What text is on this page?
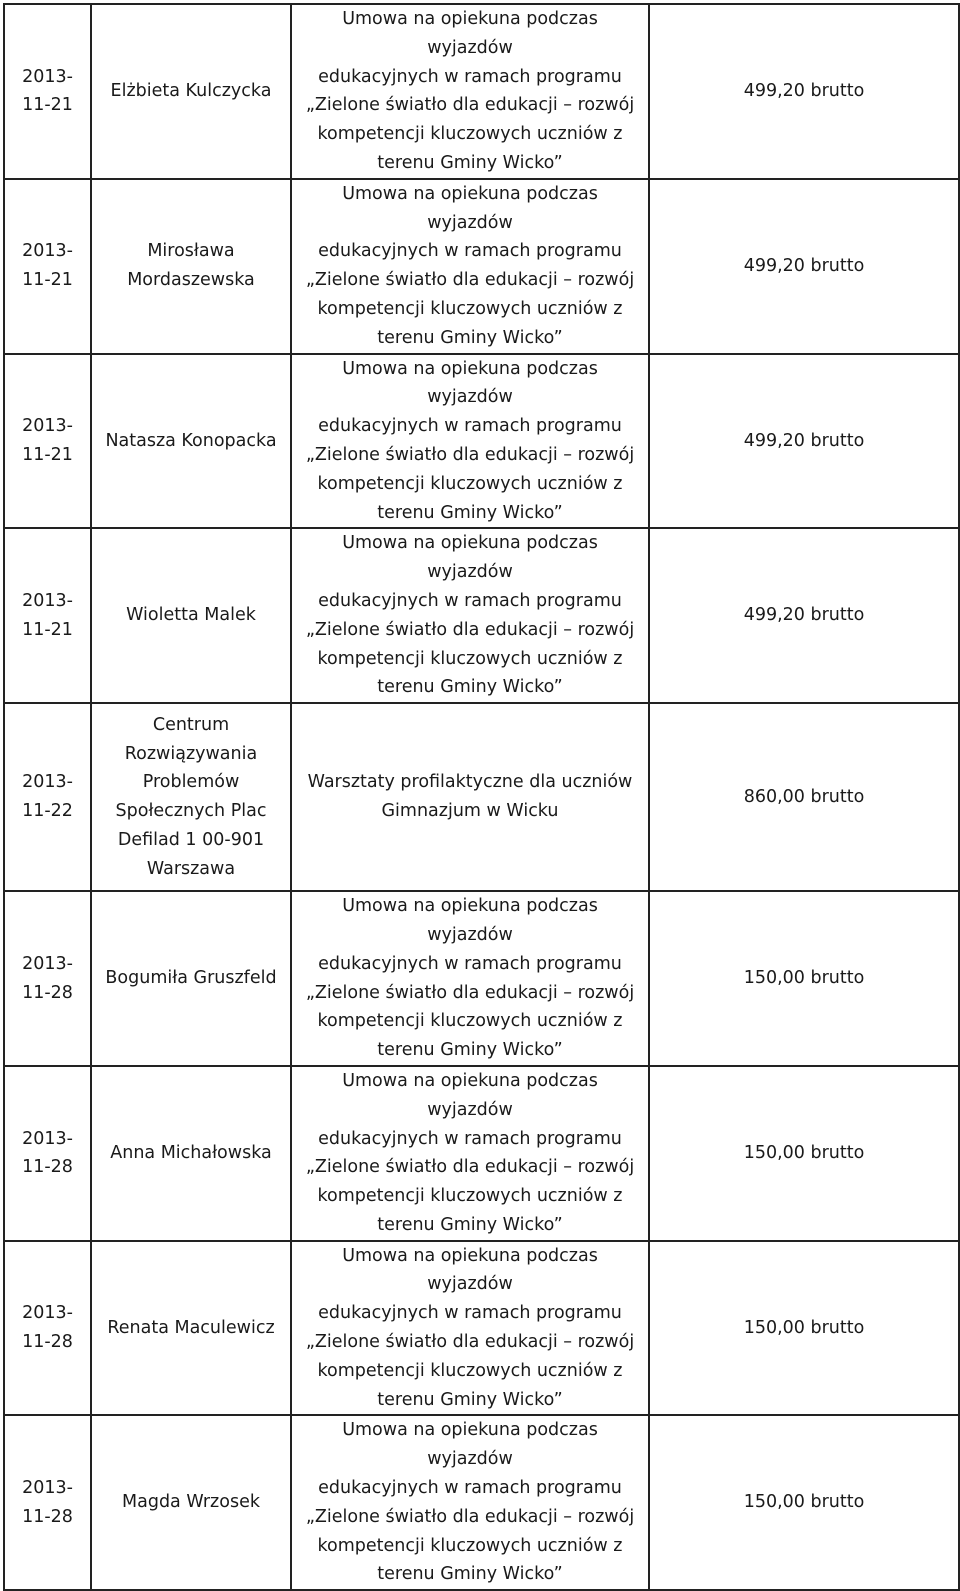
2013-11-21	Elżbieta Kulczycka	Umowa na opiekuna podczas wyjazdów
edukacyjnych w ramach programu
„Zielone światło dla edukacji – rozwój
kompetencji kluczowych uczniów z
terenu Gminy Wicko”	499,20 brutto

2013-11-21	Mirosława Mordaszewska	Umowa na opiekuna podczas wyjazdów
edukacyjnych w ramach programu
„Zielone światło dla edukacji – rozwój
kompetencji kluczowych uczniów z
terenu Gminy Wicko”	499,20 brutto

2013-11-21	Natasza Konopacka	Umowa na opiekuna podczas wyjazdów
edukacyjnych w ramach programu
„Zielone światło dla edukacji – rozwój
kompetencji kluczowych uczniów z
terenu Gminy Wicko”	499,20 brutto

2013-11-21	Wioletta Malek	Umowa na opiekuna podczas wyjazdów
edukacyjnych w ramach programu
„Zielone światło dla edukacji – rozwój
kompetencji kluczowych uczniów z
terenu Gminy Wicko”	499,20 brutto

2013-11-22	Centrum Rozwiązywania Problemów Społecznych Plac Defilad 1 00-901 Warszawa	Warsztaty profilaktyczne dla uczniów
Gimnazjum w Wicku	860,00 brutto

2013-11-28	Bogumiła Gruszfeld	Umowa na opiekuna podczas wyjazdów
edukacyjnych w ramach programu
„Zielone światło dla edukacji – rozwój
kompetencji kluczowych uczniów z
terenu Gminy Wicko”	150,00 brutto

2013-11-28	Anna Michałowska	Umowa na opiekuna podczas wyjazdów
edukacyjnych w ramach programu
„Zielone światło dla edukacji – rozwój
kompetencji kluczowych uczniów z
terenu Gminy Wicko”	150,00 brutto

2013-11-28	Renata Maculewicz	Umowa na opiekuna podczas wyjazdów
edukacyjnych w ramach programu
„Zielone światło dla edukacji – rozwój
kompetencji kluczowych uczniów z
terenu Gminy Wicko”	150,00 brutto

2013-11-28	Magda Wrzosek	Umowa na opiekuna podczas wyjazdów
edukacyjnych w ramach programu
„Zielone światło dla edukacji – rozwój
kompetencji kluczowych uczniów z
terenu Gminy Wicko”	150,00 brutto
